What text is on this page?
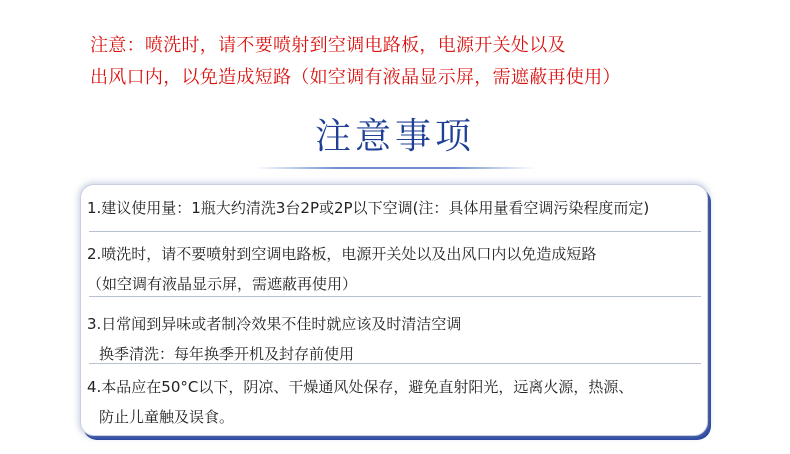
注意：喷洗时，请不要喷射到空调电路板，电源开关处以及
出风口内，以免造成短路（如空调有液晶显示屏，需遮蔽再使用）
注意事项
1.建议使用量：1瓶大约清洗3台2P或2P以下空调(注：具体用量看空调污染程度而定)
2.喷洗时，请不要喷射到空调电路板，电源开关处以及出风口内以免造成短路
（如空调有液晶显示屏，需遮蔽再使用）
3.日常闻到异味或者制冷效果不佳时就应该及时清洁空调
换季清洗：每年换季开机及封存前使用
4.本品应在50°C以下，阴凉、干燥通风处保存，避免直射阳光，远离火源，热源、
防止儿童触及误食。
